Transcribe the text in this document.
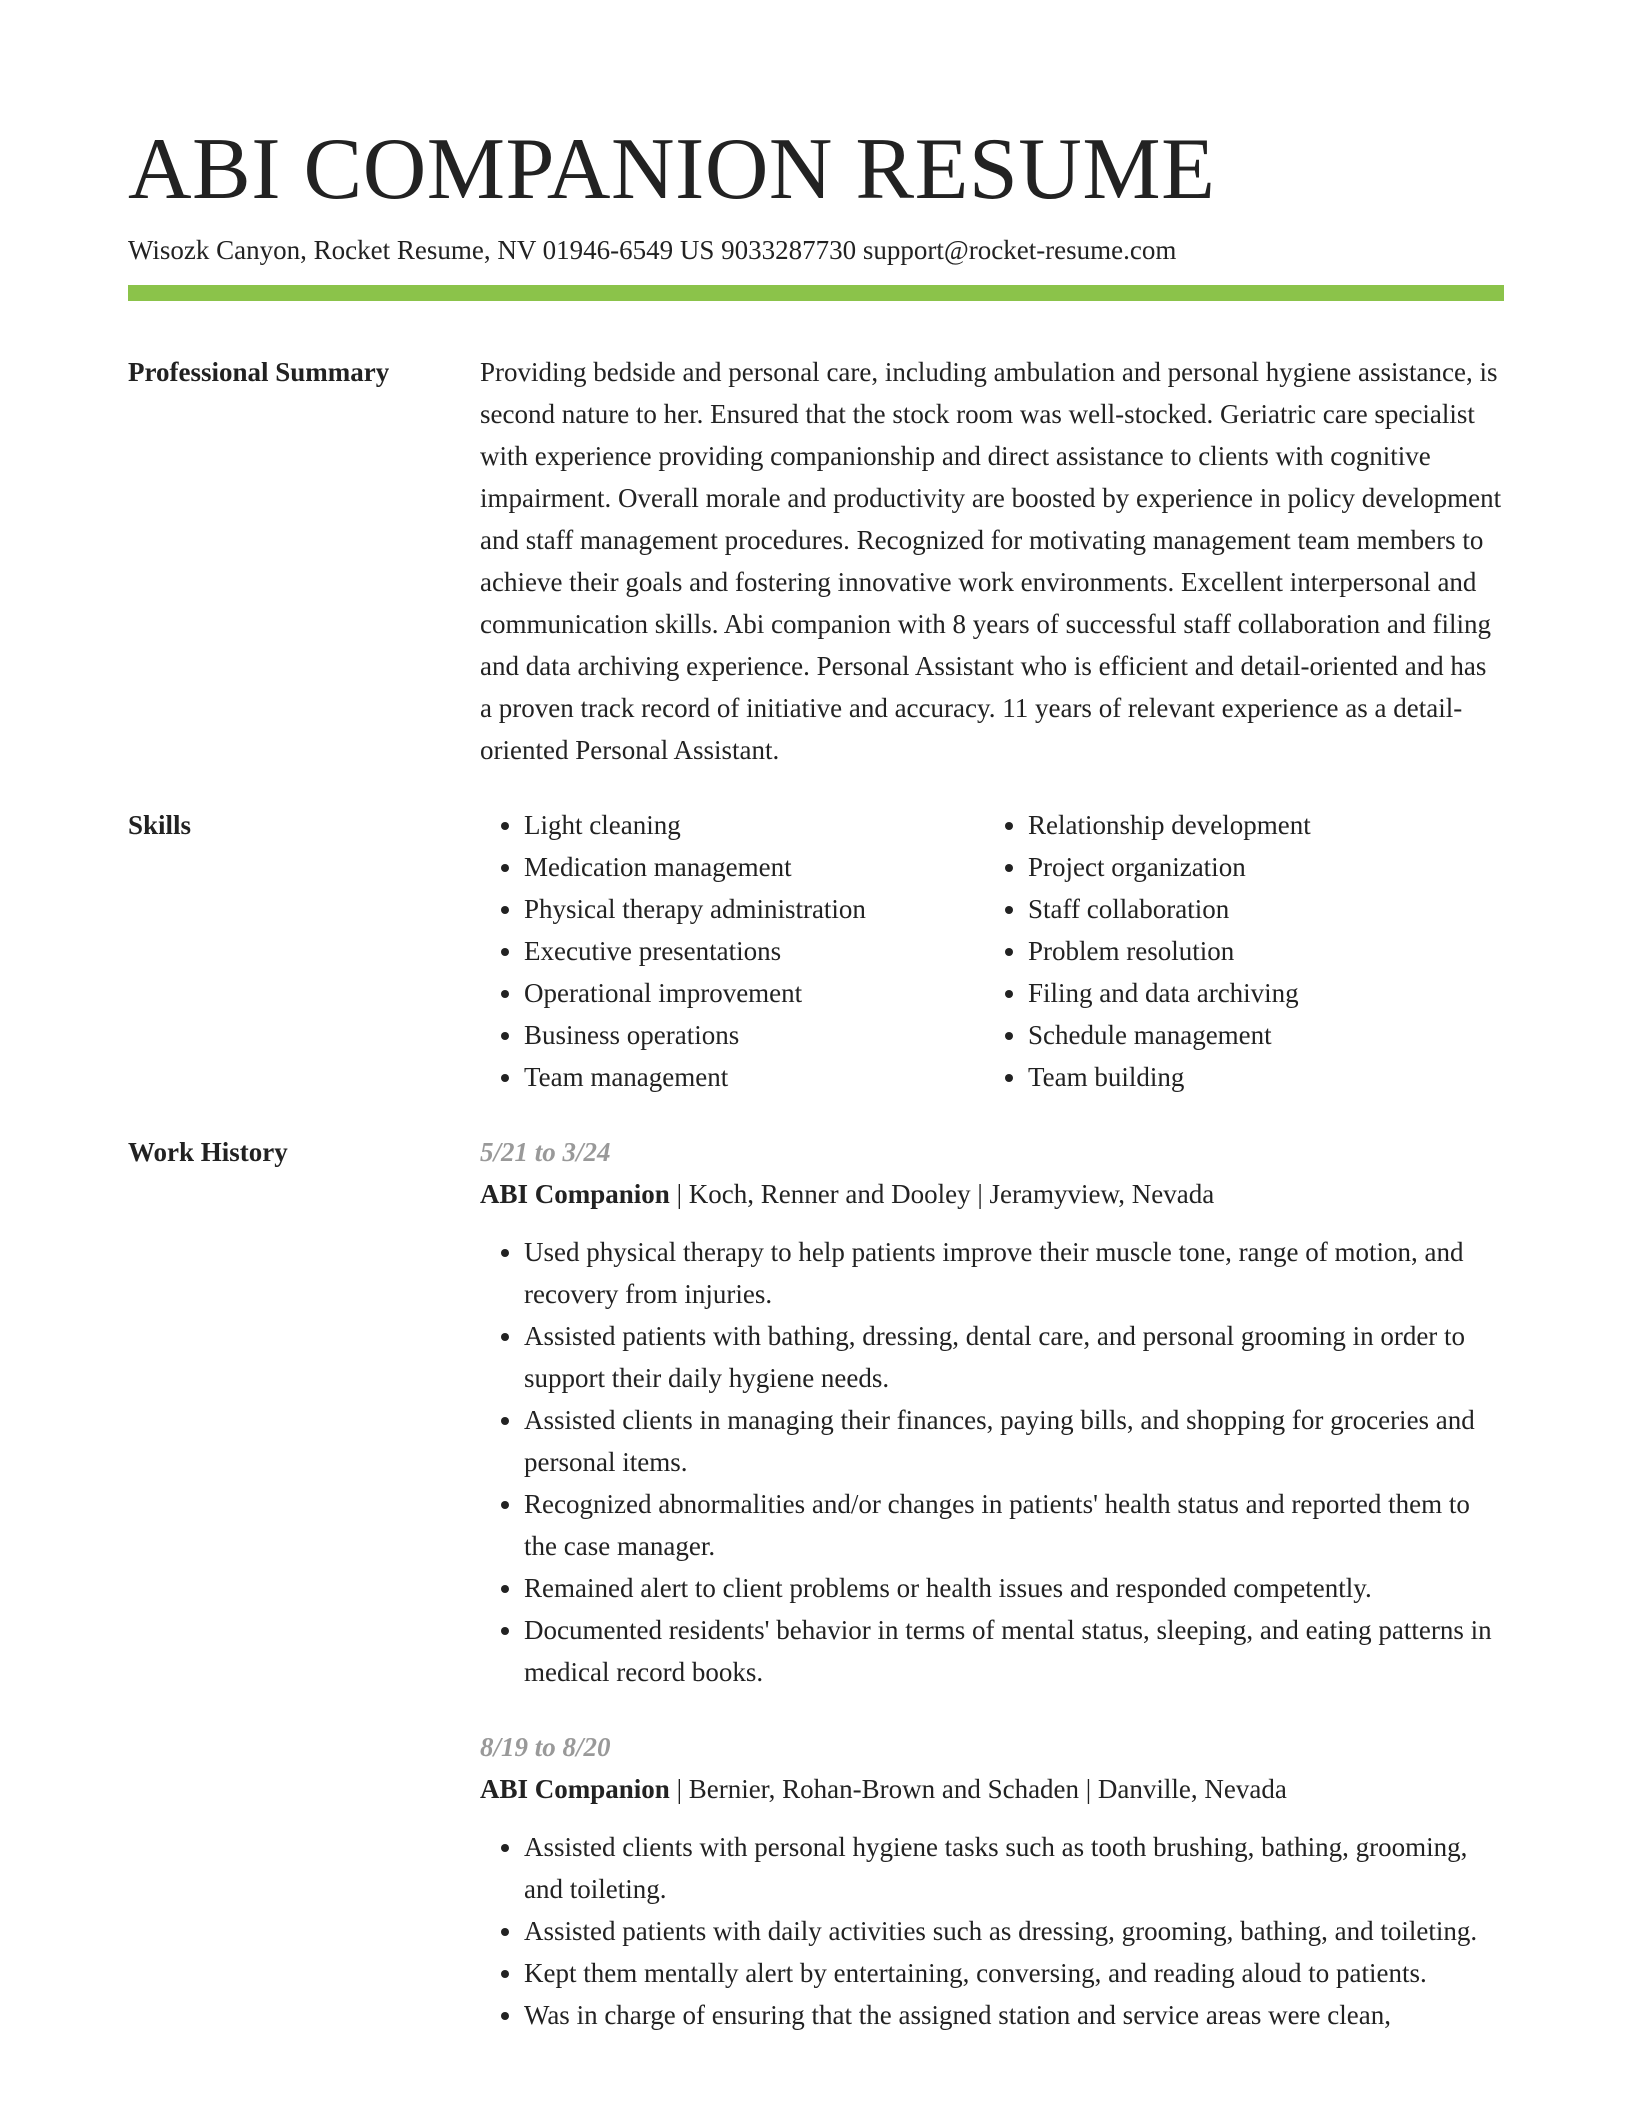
ABI COMPANION RESUME
Wisozk Canyon, Rocket Resume, NV 01946-6549 US 9033287730 support@rocket-resume.com
Professional Summary	Providing bedside and personal care, including ambulation and personal hygiene assistance, is second nature to her. Ensured that the stock room was well-stocked. Geriatric care specialist with experience providing companionship and direct assistance to clients with cognitive impairment. Overall morale and productivity are boosted by experience in policy development and staff management procedures. Recognized for motivating management team members to achieve their goals and fostering innovative work environments. Excellent interpersonal and communication skills. Abi companion with 8 years of successful staff collaboration and filing and data archiving experience. Personal Assistant who is efficient and detail-oriented and has a proven track record of initiative and accuracy. 11 years of relevant experience as a detail-oriented Personal Assistant.

Skills
•	Light cleaning
• Medication management
• Physical therapy administration
• Executive presentations
• Operational improvement
• Business operations
• Team management
• Relationship development
• Project organization
• Staff collaboration
• Problem resolution
• Filing and data archiving
• Schedule management
• Team building
Work History	5/21 to 3/24
ABI Companion | Koch, Renner and Dooley | Jeramyview, Nevada
• Used physical therapy to help patients improve their muscle tone, range of motion, and recovery from injuries.
• Assisted patients with bathing, dressing, dental care, and personal grooming in order to support their daily hygiene needs.
• Assisted clients in managing their finances, paying bills, and shopping for groceries and personal items.
• Recognized abnormalities and/or changes in patients' health status and reported them to the case manager.
• Remained alert to client problems or health issues and responded competently.
• Documented residents' behavior in terms of mental status, sleeping, and eating patterns in medical record books.
8/19 to 8/20
ABI Companion | Bernier, Rohan-Brown and Schaden | Danville, Nevada
• Assisted clients with personal hygiene tasks such as tooth brushing, bathing, grooming, and toileting.
• Assisted patients with daily activities such as dressing, grooming, bathing, and toileting.
• Kept them mentally alert by entertaining, conversing, and reading aloud to patients.
• Was in charge of ensuring that the assigned station and service areas were clean,
